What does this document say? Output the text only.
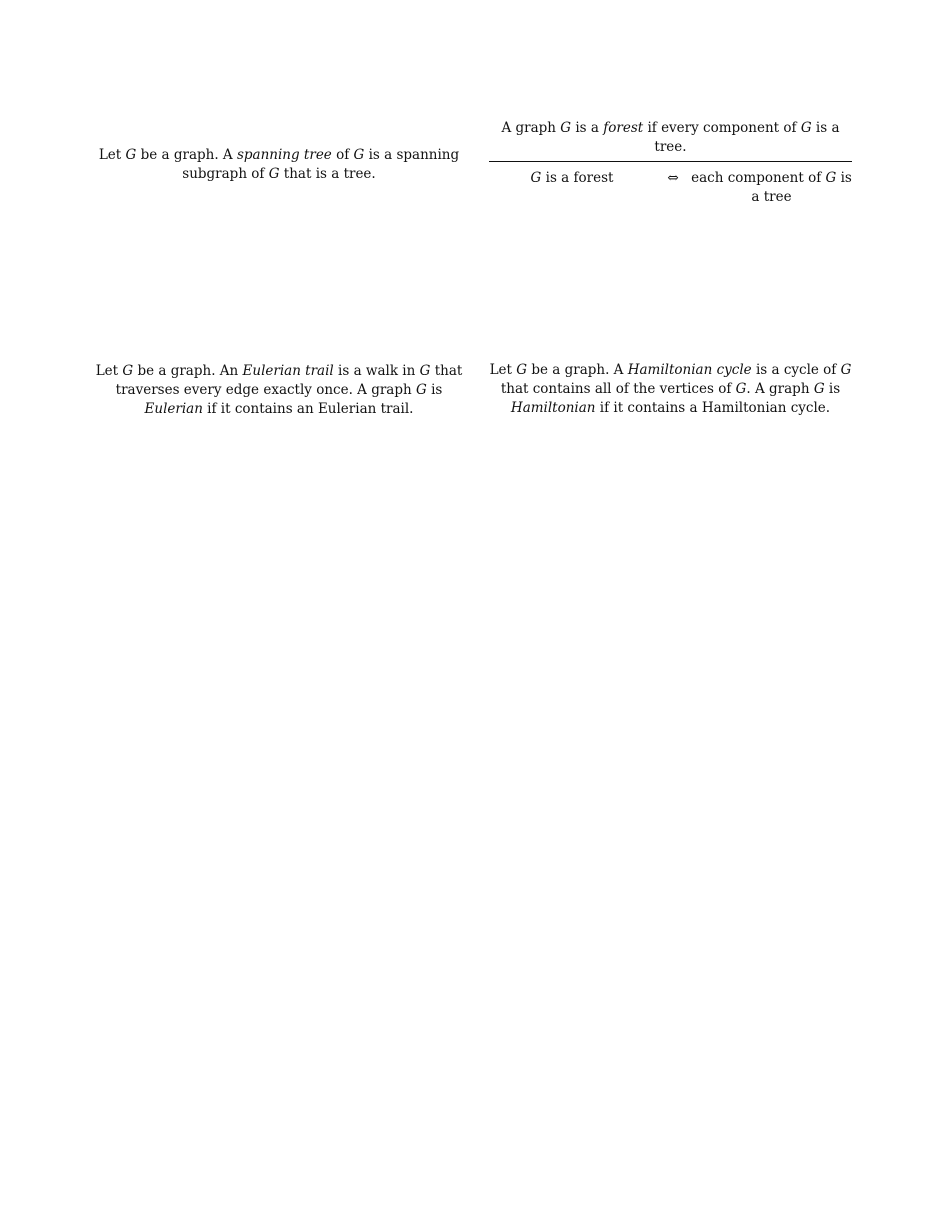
Let G be a graph. A spanning tree of G is a spanning subgraph of G that is a tree.
A graph G is a forest if every component of G is a tree.
G is a forest	⇔ each component of G is a tree
Let G be a graph. An Eulerian trail is a walk in G that traverses every edge exactly once. A graph G is Eulerian if it contains an Eulerian trail.
Let G be a graph. A Hamiltonian cycle is a cycle of G that contains all of the vertices of G. A graph G is Hamiltonian if it contains a Hamiltonian cycle.
